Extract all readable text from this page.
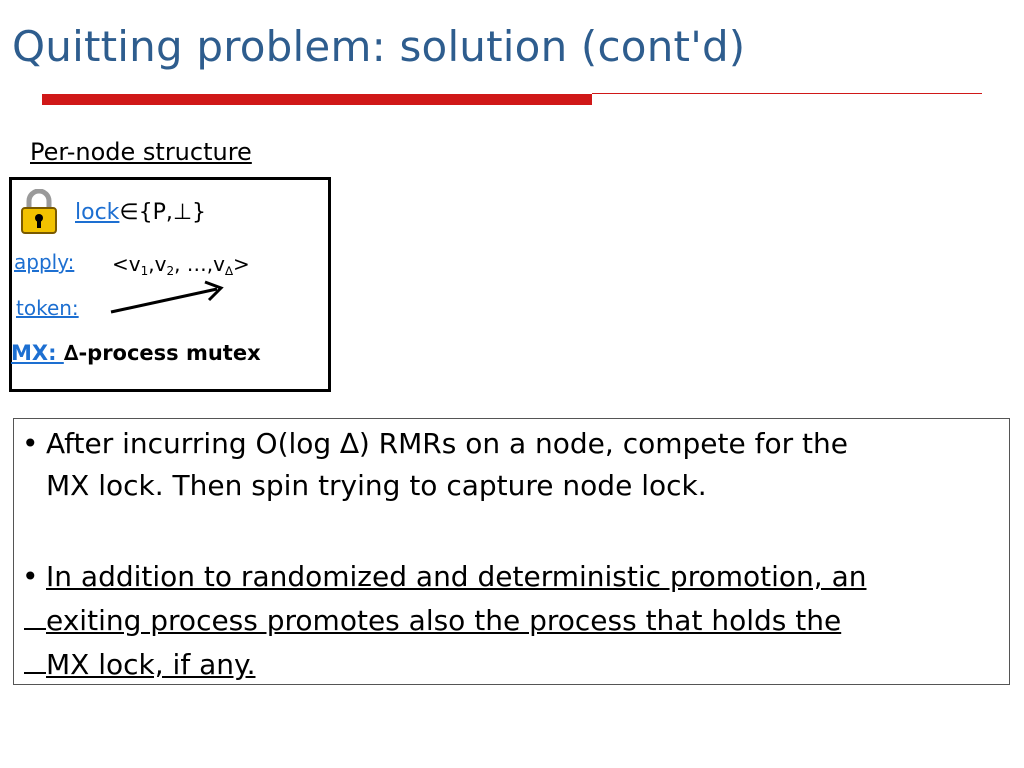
Quitting problem: solution (cont'd)
Per-node structure
lock∈{P,⊥}
apply: $<v_1,v_2$, $\dots,v_\Delta>$
token:
MX: ∆-process mutex
• After incurring O(log ∆) RMRs on a node, compete for the
MX lock. Then spin trying to capture node lock.
• In addition to randomized and deterministic promotion, an
exiting process promotes also the process that holds the
MX lock, if any.
